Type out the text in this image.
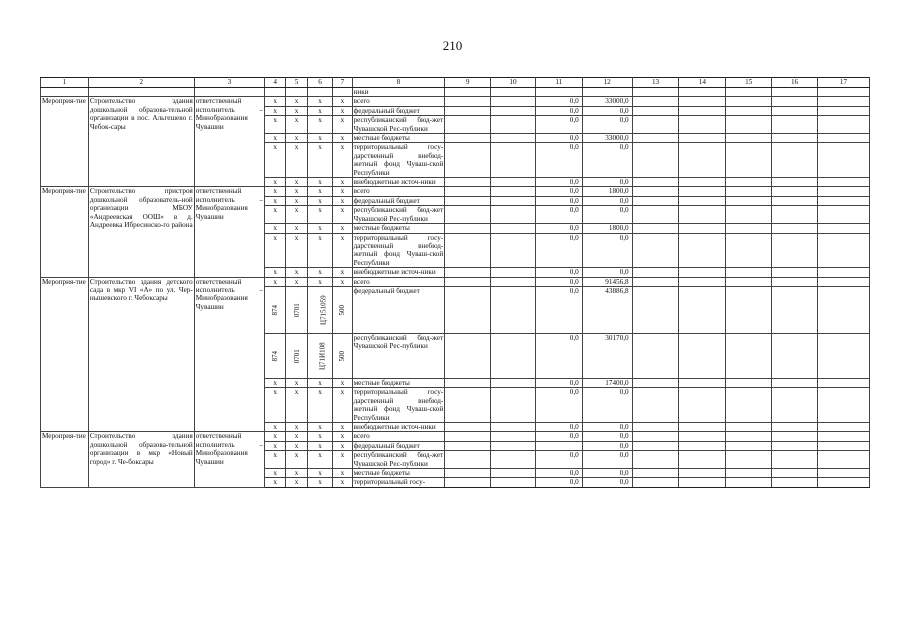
210
1	2	3	4	5	6	7	8	9	10	11	12	13	14	15	16	17
							ники									
Мероприя-тие	Строительство здания дошкольной образова-тельной организации в пос. Альгешево г. Чебок-сары	ответственный исполнитель – Минобразования Чувашии	x	x	x	x	всего			0,0	33000,0					
			x	x	x	x	федеральный бюджет			0,0	0,0					
			x	x	x	x	республиканский бюд-жет Чувашской Рес-публики			0,0	0,0					
			x	x	x	x	местные бюджеты			0,0	33000,0					
			x	x	x	x	территориальный госу-дарственный внебюд-жетный фонд Чуваш-ской Республики			0,0	0,0					
			x	x	x	x	внебюджетные источ-ники			0,0	0,0					
Мероприя-тие	Строительство пристроя дошкольной образователь-ной организации МБОУ «Андреевская ООШ» в д. Андреевка Ибресинско-го района	ответственный исполнитель – Минобразования Чувашии	x	x	x	x	всего			0,0	1800,0					
			x	x	x	x	федеральный бюджет			0,0	0,0					
			x	x	x	x	республиканский бюд-жет Чувашской Рес-публики			0,0	0,0					
			x	x	x	x	местные бюджеты			0,0	1800,0					
			x	x	x	x	территориальный госу-дарственный внебюд-жетный фонд Чуваш-ской Республики			0,0	0,0					
			x	x	x	x	внебюджетные источ-ники			0,0	0,0					
Мероприя-тие	Строительство здания детского сада в мкр VI «А» по ул. Чер-нышевского г. Чебоксары	ответственный исполнитель – Минобразования Чувашии	x	x	x	x	всего			0,0	91456,8					
			874	0701	Ц7151059	500	федеральный бюджет			0,0	43886,8					
			874	0701	Ц71И108	500	республиканский бюд-жет Чувашской Рес-публики			0,0	30170,0					
			x	x	x	x	местные бюджеты			0,0	17400,0					
			x	x	x	x	территориальный госу-дарственный внебюд-жетный фонд Чуваш-ской Республики			0,0	0,0					
			x	x	x	x	внебюджетные источ-ники			0,0	0,0					
Мероприя-тие	Строительство здания дошкольной образова-тельной организации в мкр «Новый город» г. Че-боксары	ответственный исполнитель – Минобразования Чувашии	x	x	x	x	всего			0,0	0,0					
			x	x	x	x	федеральный бюджет				0,0					
			x	x	x	x	республиканский бюд-жет Чувашской Рес-публики			0,0	0,0					
			x	x	x	x	местные бюджеты			0,0	0,0					
			x	x	x	x	территориальный госу-			0,0	0,0					
